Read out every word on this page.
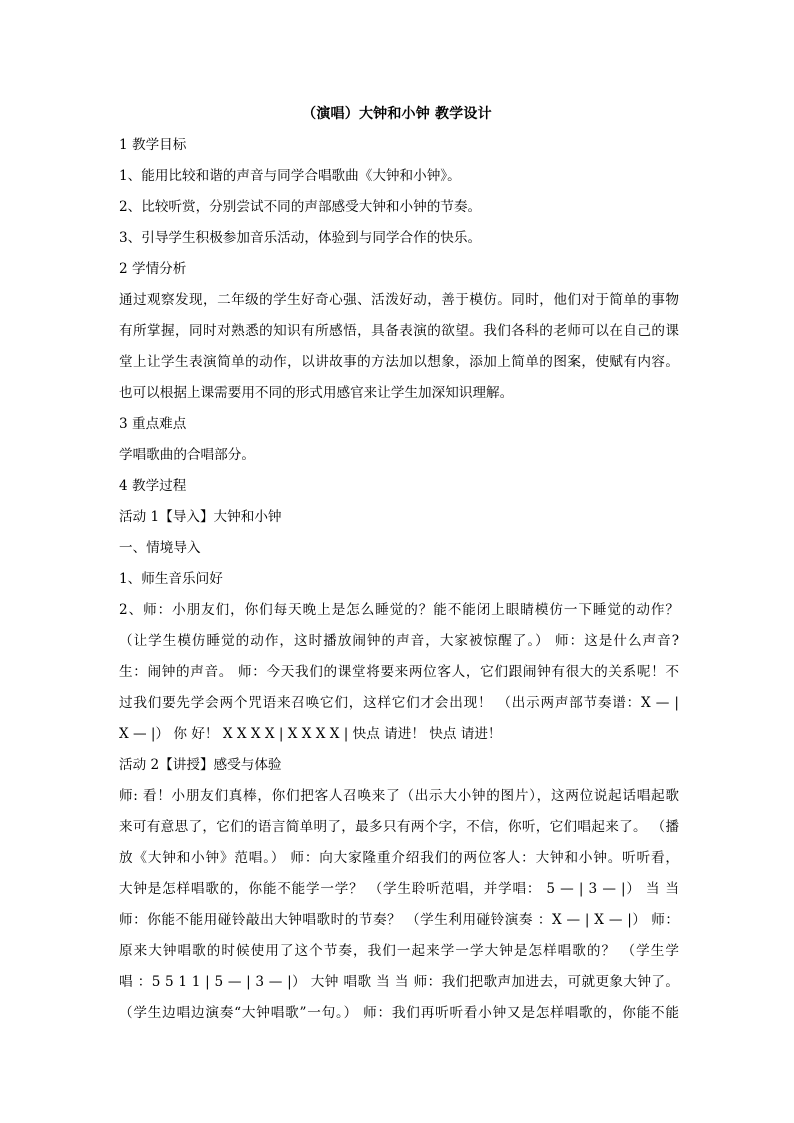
（演唱）大钟和小钟 教学设计
1 教学目标
1、能用比较和谐的声音与同学合唱歌曲《大钟和小钟》。
2、比较听赏，分别尝试不同的声部感受大钟和小钟的节奏。
3、引导学生积极参加音乐活动，体验到与同学合作的快乐。
2 学情分析
通过观察发现，二年级的学生好奇心强、活泼好动，善于模仿。同时，他们对于简单的事物
有所掌握，同时对熟悉的知识有所感悟，具备表演的欲望。我们各科的老师可以在自己的课
堂上让学生表演简单的动作，以讲故事的方法加以想象，添加上简单的图案，使赋有内容。
也可以根据上课需要用不同的形式用感官来让学生加深知识理解。
3 重点难点
学唱歌曲的合唱部分。
4 教学过程
活动 1【导入】大钟和小钟
一、情境导入
1、师生音乐问好
2、师：小朋友们，你们每天晚上是怎么睡觉的？能不能闭上眼睛模仿一下睡觉的动作？
（让学生模仿睡觉的动作，这时播放闹钟的声音，大家被惊醒了。） 师：这是什么声音?
生：闹钟的声音。 师：今天我们的课堂将要来两位客人，它们跟闹钟有很大的关系呢！不
过我们要先学会两个咒语来召唤它们，这样它们才会出现！ （出示两声部节奏谱：X — |
X — |） 你 好！ X X X X | X X X X | 快点 请进！ 快点 请进！
活动 2【讲授】感受与体验
师: 看！小朋友们真棒，你们把客人召唤来了（出示大小钟的图片），这两位说起话唱起歌
来可有意思了，它们的语言简单明了，最多只有两个字，不信，你听，它们唱起来了。 （播
放《大钟和小钟》范唱。） 师：向大家隆重介绍我们的两位客人：大钟和小钟。听听看，
大钟是怎样唱歌的，你能不能学一学？ （学生聆听范唱，并学唱： 5 — | 3 — |） 当 当
师：你能不能用碰铃敲出大钟唱歌时的节奏？ （学生利用碰铃演奏 ：X — | X — |） 师：
原来大钟唱歌的时候使用了这个节奏，我们一起来学一学大钟是怎样唱歌的？ （学生学
唱 ：5 5 1 1 | 5 — | 3 — |） 大钟 唱歌 当 当 师：我们把歌声加进去，可就更象大钟了。
（学生边唱边演奏“大钟唱歌”一句。） 师：我们再听听看小钟又是怎样唱歌的，你能不能
